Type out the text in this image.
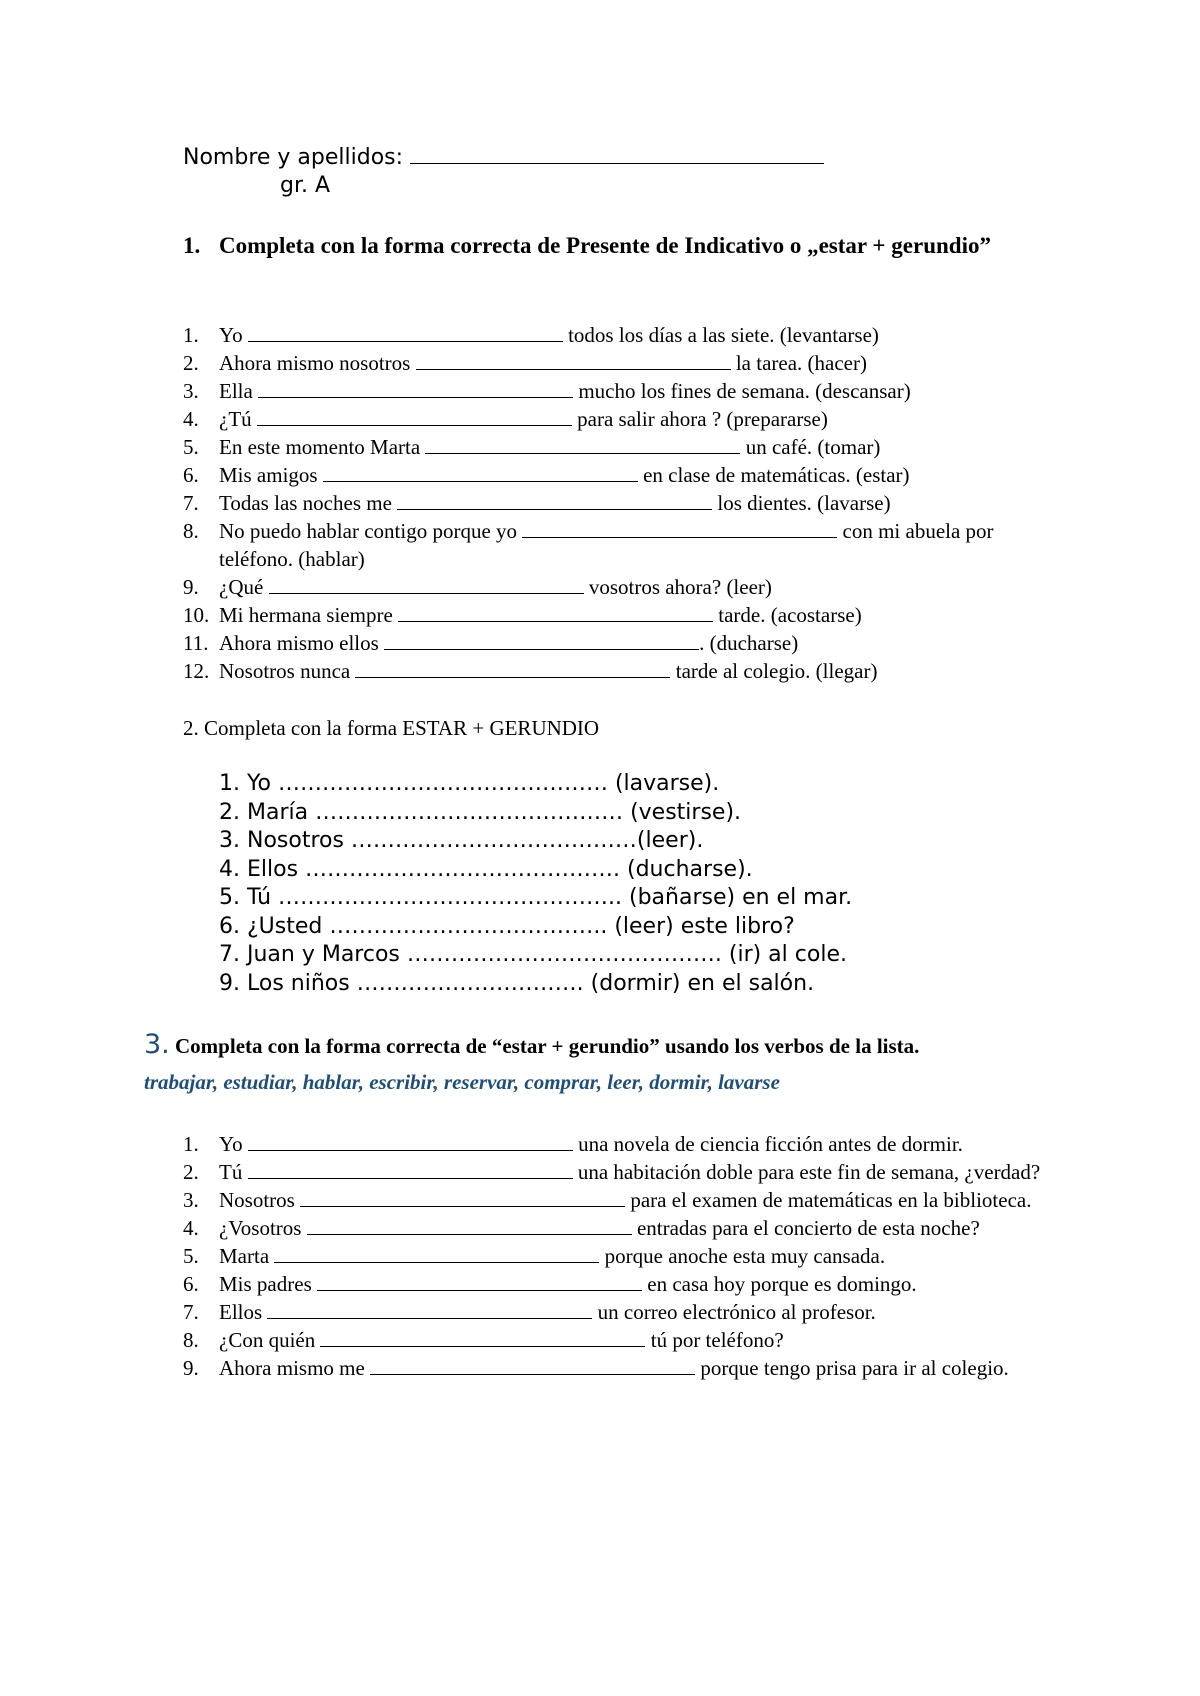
Nombre y apellidos:
gr. A
1. Completa con la forma correcta de Presente de Indicativo o „estar + gerundio”
1. Yo	todos los días a las siete. (levantarse)
2. Ahora mismo nosotros	la tarea. (hacer)
3. Ella	mucho los fines de semana. (descansar)
4. ¿Tú	para salir ahora ? (prepararse)
5. En este momento Marta	un café. (tomar)
6. Mis amigos	en clase de matemáticas. (estar)
7. Todas las noches me	los dientes. (lavarse)
8. No puedo hablar contigo porque yo	con mi abuela por teléfono. (hablar)
9. ¿Qué	vosotros ahora? (leer)
10. Mi hermana siempre	tarde. (acostarse)
11. Ahora mismo ellos	. (ducharse)
12. Nosotros nunca	tarde al colegio. (llegar)
2. Completa con la forma ESTAR + GERUNDIO
1. Yo ……………………………………… (lavarse).
2. María …………………………………… (vestirse).
3. Nosotros …………………………………(leer).
4. Ellos ……………………………………. (ducharse).
5. Tú ……………………………………….. (bañarse) en el mar.
6. ¿Usted ……………………………….. (leer) este libro?
7. Juan y Marcos ……………………………………. (ir) al cole.
9. Los niños …………………………. (dormir) en el salón.
3. Completa con la forma correcta de “estar + gerundio” usando los verbos de la lista.
trabajar, estudiar, hablar, escribir, reservar, comprar, leer, dormir, lavarse
1. Yo	una novela de ciencia ficción antes de dormir.
2. Tú	una habitación doble para este fin de semana, ¿verdad?
3. Nosotros	para el examen de matemáticas en la biblioteca.
4. ¿Vosotros	entradas para el concierto de esta noche?
5. Marta	porque anoche esta muy cansada.
6. Mis padres	en casa hoy porque es domingo.
7. Ellos	un correo electrónico al profesor.
8. ¿Con quién	tú por teléfono?
9. Ahora mismo me	porque tengo prisa para ir al colegio.
